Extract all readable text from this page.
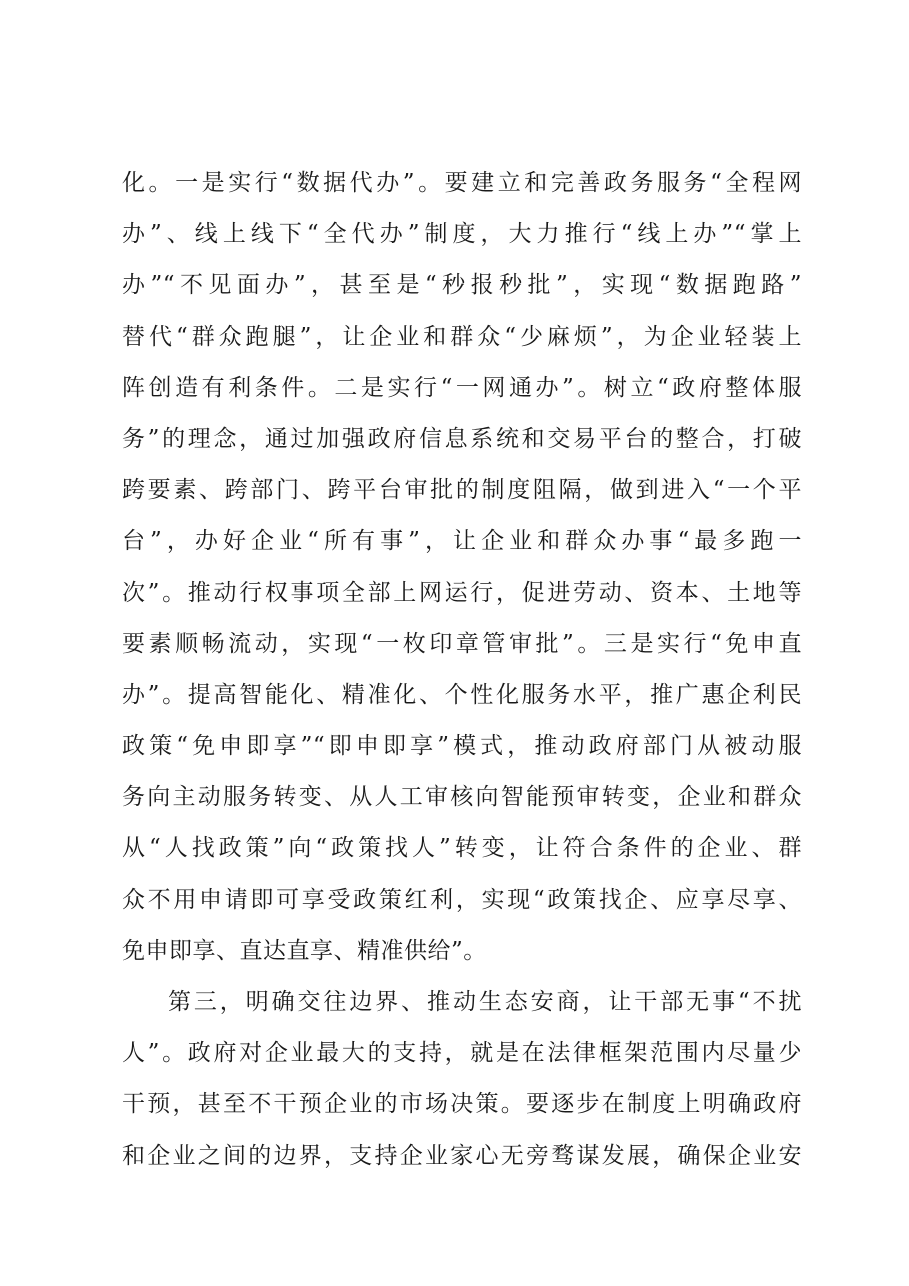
化。一是实行“数据代办”。要建立和完善政务服务“全程网
办”、线上线下“全代办”制度，大力推行“线上办”“掌上
办”“不见面办”，甚至是“秒报秒批”，实现“数据跑路”
替代“群众跑腿”，让企业和群众“少麻烦”，为企业轻装上
阵创造有利条件。二是实行“一网通办”。树立“政府整体服
务”的理念，通过加强政府信息系统和交易平台的整合，打破
跨要素、跨部门、跨平台审批的制度阻隔，做到进入“一个平
台”，办好企业“所有事”，让企业和群众办事“最多跑一
次”。推动行权事项全部上网运行，促进劳动、资本、土地等
要素顺畅流动，实现“一枚印章管审批”。三是实行“免申直
办”。提高智能化、精准化、个性化服务水平，推广惠企利民
政策“免申即享”“即申即享”模式，推动政府部门从被动服
务向主动服务转变、从人工审核向智能预审转变，企业和群众
从“人找政策”向“政策找人”转变，让符合条件的企业、群
众不用申请即可享受政策红利，实现“政策找企、应享尽享、
免申即享、直达直享、精准供给”。
第三，明确交往边界、推动生态安商，让干部无事“不扰
人”。政府对企业最大的支持，就是在法律框架范围内尽量少
干预，甚至不干预企业的市场决策。要逐步在制度上明确政府
和企业之间的边界，支持企业家心无旁骛谋发展，确保企业安
